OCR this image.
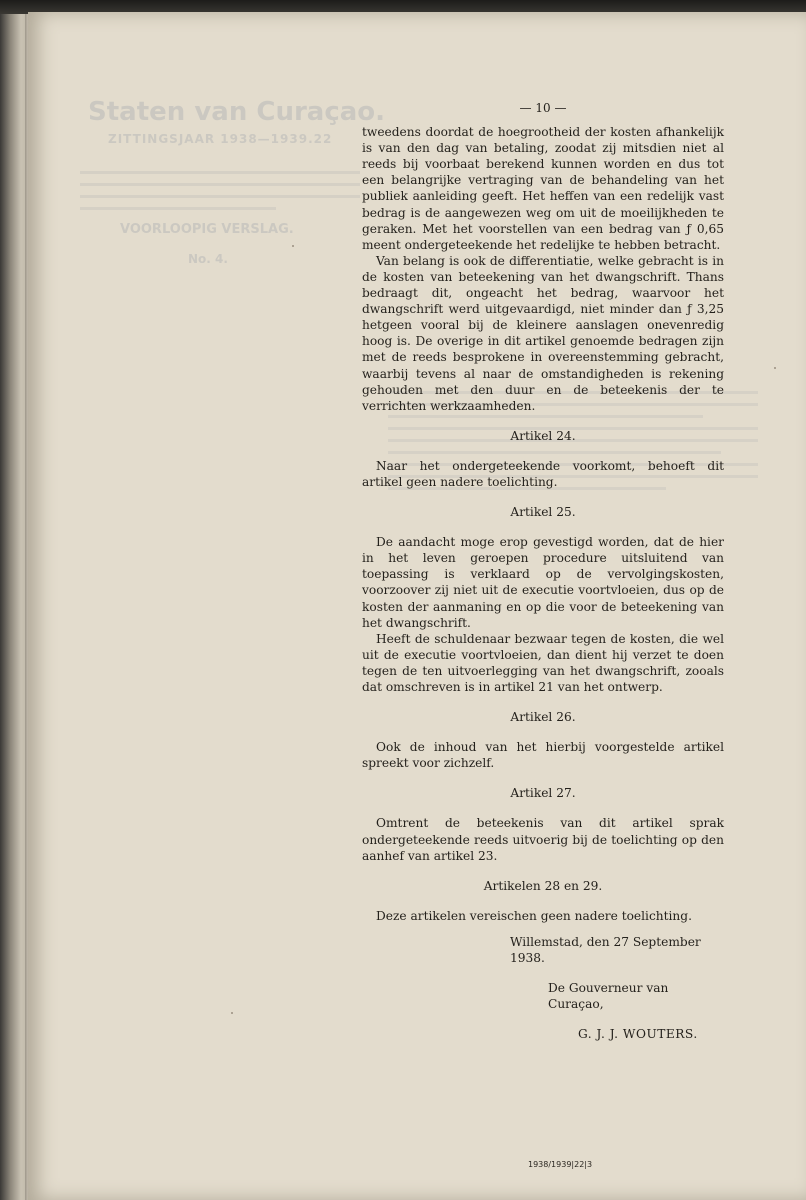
Staten van Curaçao.
ZITTINGSJAAR 1938—1939.22
VOORLOOPIG VERSLAG.
No. 4.
— 10 —

tweedens doordat de hoegrootheid der kosten afhankelijk is van den dag van betaling, zoodat zij mitsdien niet al reeds bij voorbaat berekend kunnen worden en dus tot een belangrijke vertraging van de behandeling van het publiek aanleiding geeft. Het heffen van een redelijk vast bedrag is de aangewezen weg om uit de moeilijkheden te geraken. Met het voorstellen van een bedrag van ƒ 0,65 meent ondergeteekende het redelijke te hebben betracht.

Van belang is ook de differentiatie, welke gebracht is in de kosten van beteekening van het dwangschrift. Thans bedraagt dit, ongeacht het bedrag, waarvoor het dwangschrift werd uitgevaardigd, niet minder dan ƒ 3,25 hetgeen vooral bij de kleinere aanslagen onevenredig hoog is. De overige in dit artikel genoemde bedragen zijn met de reeds besprokene in overeenstemming gebracht, waarbij tevens al naar de omstandigheden is rekening gehouden met den duur en de beteekenis der te verrichten werkzaamheden.

Artikel 24.

Naar het ondergeteekende voorkomt, behoeft dit artikel geen nadere toelichting.

Artikel 25.

De aandacht moge erop gevestigd worden, dat de hier in het leven geroepen procedure uitsluitend van toepassing is verklaard op de vervolgingskosten, voorzoover zij niet uit de executie voortvloeien, dus op de kosten der aanmaning en op die voor de beteekening van het dwangschrift.

Heeft de schuldenaar bezwaar tegen de kosten, die wel uit de executie voortvloeien, dan dient hij verzet te doen tegen de ten uitvoerlegging van het dwangschrift, zooals dat omschreven is in artikel 21 van het ontwerp.

Artikel 26.

Ook de inhoud van het hierbij voorgestelde artikel spreekt voor zichzelf.

Artikel 27.

Omtrent de beteekenis van dit artikel sprak ondergeteekende reeds uitvoerig bij de toelichting op den aanhef van artikel 23.

Artikelen 28 en 29.

Deze artikelen vereischen geen nadere toelichting.

Willemstad, den 27 September 1938.
De Gouverneur van Curaçao,
G. J. J. WOUTERS.
1938/1939|22|3
